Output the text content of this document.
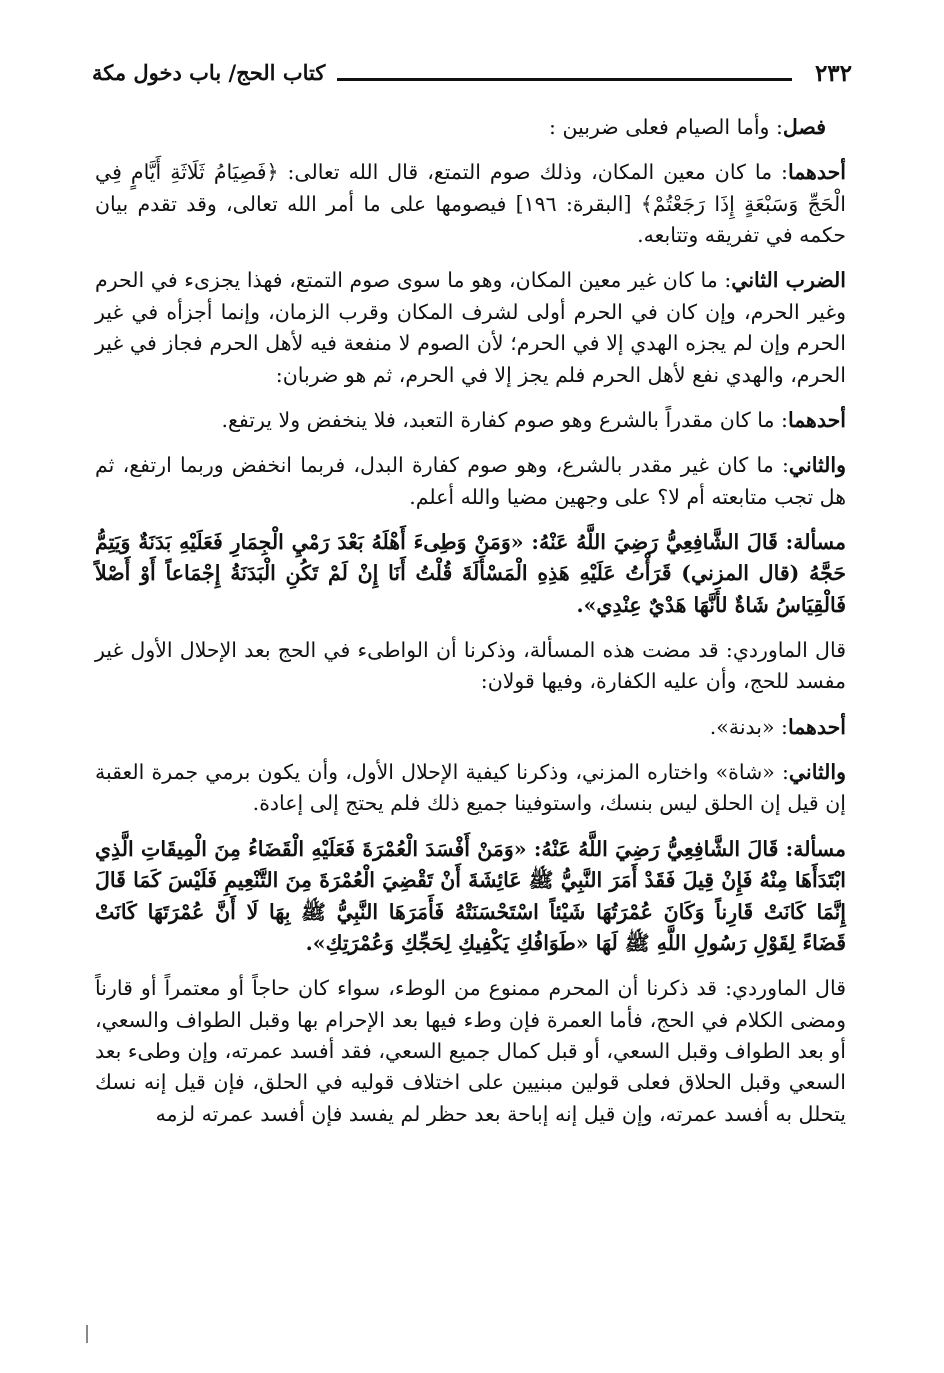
٢٣٢
كتاب الحج/ باب دخول مكة

فصل: وأما الصيام فعلى ضربين :

أحدهما: ما كان معين المكان، وذلك صوم التمتع، قال الله تعالى: ﴿فَصِيَامُ ثَلَاثَةِ أَيَّامٍ فِي الْحَجِّ وَسَبْعَةٍ إِذَا رَجَعْتُمْ﴾ [البقرة: ١٩٦] فيصومها على ما أمر الله تعالى، وقد تقدم بيان حكمه في تفريقه وتتابعه.

الضرب الثاني: ما كان غير معين المكان، وهو ما سوى صوم التمتع، فهذا يجزىء في الحرم وغير الحرم، وإن كان في الحرم أولى لشرف المكان وقرب الزمان، وإنما أجزأه في غير الحرم وإن لم يجزه الهدي إلا في الحرم؛ لأن الصوم لا منفعة فيه لأهل الحرم فجاز في غير الحرم، والهدي نفع لأهل الحرم فلم يجز إلا في الحرم، ثم هو ضربان:

أحدهما: ما كان مقدراً بالشرع وهو صوم كفارة التعبد، فلا ينخفض ولا يرتفع.

والثاني: ما كان غير مقدر بالشرع، وهو صوم كفارة البدل، فربما انخفض وربما ارتفع، ثم هل تجب متابعته أم لا؟ على وجهين مضيا والله أعلم.

مسألة: قَالَ الشَّافِعِيُّ رَضِيَ اللَّهُ عَنْهُ: «وَمَنْ وَطِىءَ أَهْلَهُ بَعْدَ رَمْيِ الْجِمَارِ فَعَلَيْهِ بَدَنَةٌ وَيَتِمُّ حَجَّهُ (قال المزني) قَرَأْتُ عَلَيْهِ هَذِهِ الْمَسْأَلَةَ قُلْتُ أَنَا إِنْ لَمْ تَكُنِ الْبَدَنَةُ إِجْمَاعاً أَوْ أَصْلاً فَالْقِيَاسُ شَاةٌ لأَنَّهَا هَدْيٌ عِنْدِي».

قال الماوردي: قد مضت هذه المسألة، وذكرنا أن الواطىء في الحج بعد الإحلال الأول غير مفسد للحج، وأن عليه الكفارة، وفيها قولان:

أحدهما: «بدنة».

والثاني: «شاة» واختاره المزني، وذكرنا كيفية الإحلال الأول، وأن يكون برمي جمرة العقبة إن قيل إن الحلق ليس بنسك، واستوفينا جميع ذلك فلم يحتج إلى إعادة.

مسألة: قَالَ الشَّافِعِيُّ رَضِيَ اللَّهُ عَنْهُ: «وَمَنْ أَفْسَدَ الْعُمْرَةَ فَعَلَيْهِ الْقَضَاءُ مِنَ الْمِيقَاتِ الَّذِي ابْتَدَأَهَا مِنْهُ فَإِنْ قِيلَ فَقَدْ أَمَرَ النَّبِيُّ ﷺ عَائِشَةَ أَنْ تَقْضِيَ الْعُمْرَةَ مِنَ التَّنْعِيمِ فَلَيْسَ كَمَا قَالَ إِنَّمَا كَانَتْ قَارِناً وَكَانَ عُمْرَتُهَا شَيْئاً اسْتَحْسَنَتْهُ فَأَمَرَهَا النَّبِيُّ ﷺ بِهَا لَا أَنَّ عُمْرَتَهَا كَانَتْ قَضَاءً لِقَوْلِ رَسُولِ اللَّهِ ﷺ لَهَا «طَوَافُكِ يَكْفِيكِ لِحَجِّكِ وَعُمْرَتِكِ».

قال الماوردي: قد ذكرنا أن المحرم ممنوع من الوطء، سواء كان حاجاً أو معتمراً أو قارناً ومضى الكلام في الحج، فأما العمرة فإن وطء فيها بعد الإحرام بها وقبل الطواف والسعي، أو بعد الطواف وقبل السعي، أو قبل كمال جميع السعي، فقد أفسد عمرته، وإن وطىء بعد السعي وقبل الحلاق فعلى قولين مبنيين على اختلاف قوليه في الحلق، فإن قيل إنه نسك يتحلل به أفسد عمرته، وإن قيل إنه إباحة بعد حظر لم يفسد فإن أفسد عمرته لزمه
